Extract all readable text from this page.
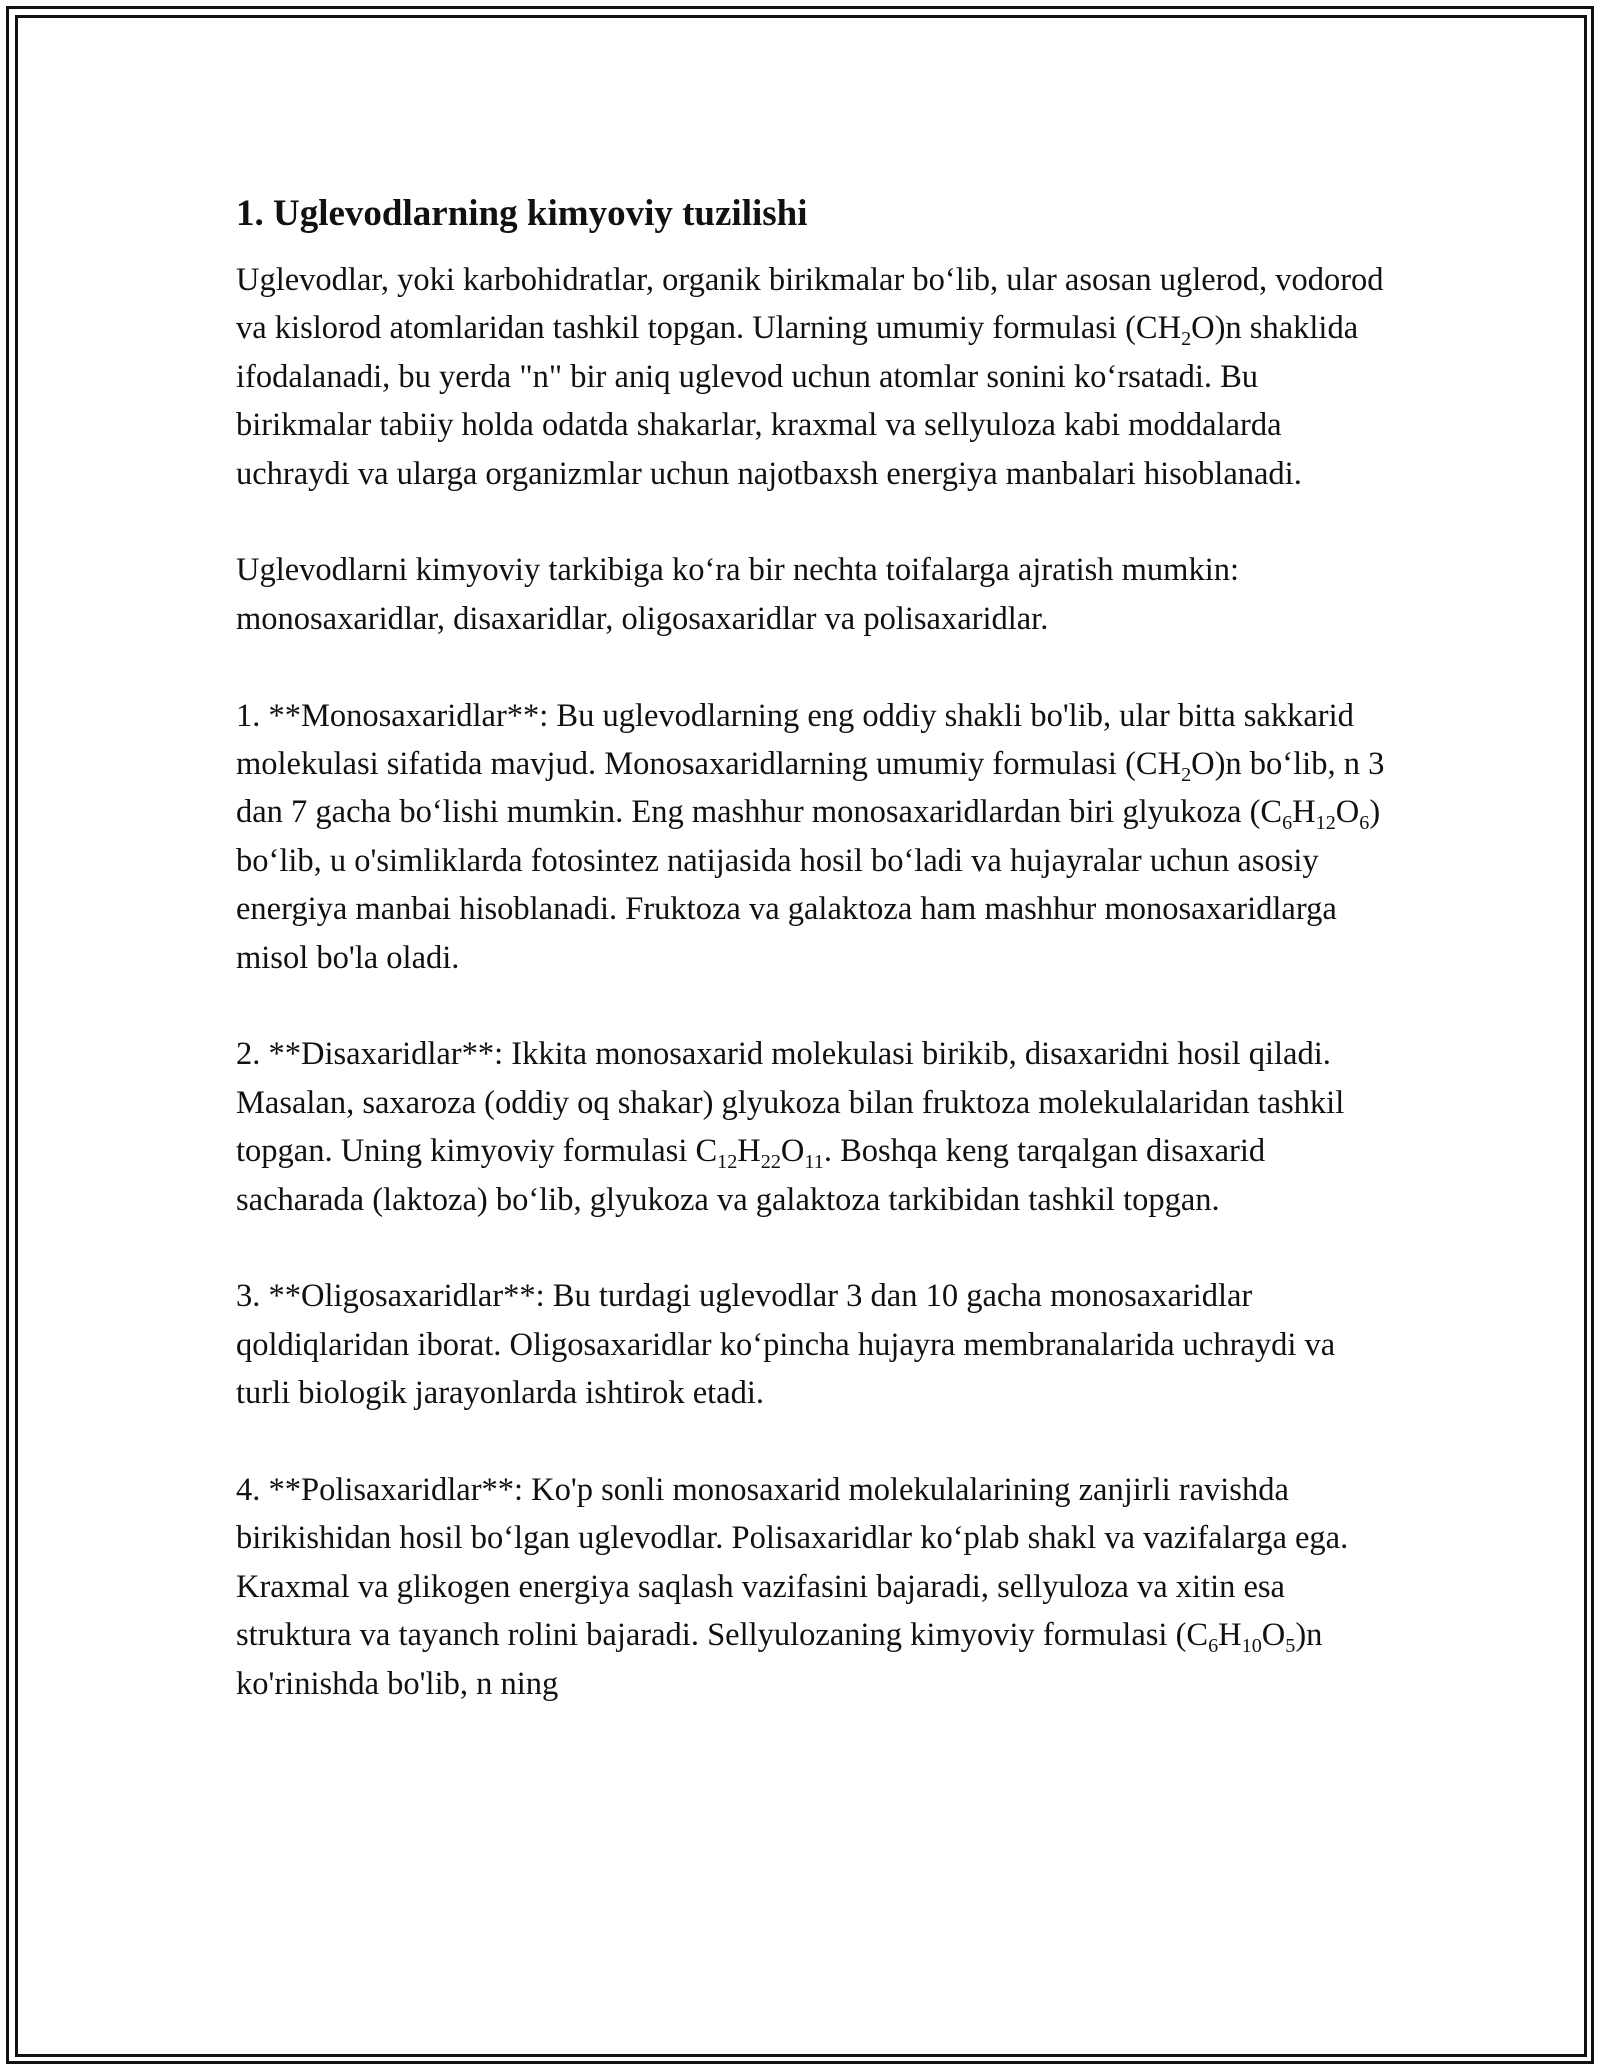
1. Uglevodlarning kimyoviy tuzilishi

Uglevodlar, yoki karbohidratlar, organik birikmalar bo‘lib, ular asosan uglerod, vodorod va kislorod atomlaridan tashkil topgan. Ularning umumiy formulasi $(CH_2O)n$ shaklida ifodalanadi, bu yerda "n" bir aniq uglevod uchun atomlar sonini ko‘rsatadi. Bu birikmalar tabiiy holda odatda shakarlar, kraxmal va sellyuloza kabi moddalarda uchraydi va ularga organizmlar uchun najotbaxsh energiya manbalari hisoblanadi.

Uglevodlarni kimyoviy tarkibiga ko‘ra bir nechta toifalarga ajratish mumkin: monosaxaridlar, disaxaridlar, oligosaxaridlar va polisaxaridlar.

1. **Monosaxaridlar**: Bu uglevodlarning eng oddiy shakli bo'lib, ular bitta sakkarid molekulasi sifatida mavjud. Monosaxaridlarning umumiy formulasi $(CH_2O)n$ bo‘lib, n 3 dan 7 gacha bo‘lishi mumkin. Eng mashhur monosaxaridlardan biri glyukoza $(C_6H_{12}O_6)$ bo‘lib, u o'simliklarda fotosintez natijasida hosil bo‘ladi va hujayralar uchun asosiy energiya manbai hisoblanadi. Fruktoza va galaktoza ham mashhur monosaxaridlarga misol bo'la oladi.

2. **Disaxaridlar**: Ikkita monosaxarid molekulasi birikib, disaxaridni hosil qiladi. Masalan, saxaroza (oddiy oq shakar) glyukoza bilan fruktoza molekulalaridan tashkil topgan. Uning kimyoviy formulasi $C_{12}H_{22}O_{11}$. Boshqa keng tarqalgan disaxarid sacharada (laktoza) bo‘lib, glyukoza va galaktoza tarkibidan tashkil topgan.

3. **Oligosaxaridlar**: Bu turdagi uglevodlar 3 dan 10 gacha monosaxaridlar qoldiqlaridan iborat. Oligosaxaridlar ko‘pincha hujayra membranalarida uchraydi va turli biologik jarayonlarda ishtirok etadi.

4. **Polisaxaridlar**: Ko'p sonli monosaxarid molekulalarining zanjirli ravishda birikishidan hosil bo‘lgan uglevodlar. Polisaxaridlar ko‘plab shakl va vazifalarga ega. Kraxmal va glikogen energiya saqlash vazifasini bajaradi, sellyuloza va xitin esa struktura va tayanch rolini bajaradi. Sellyulozaning kimyoviy formulasi $(C_6H_{10}O_5)n$ ko'rinishda bo'lib, n ning
